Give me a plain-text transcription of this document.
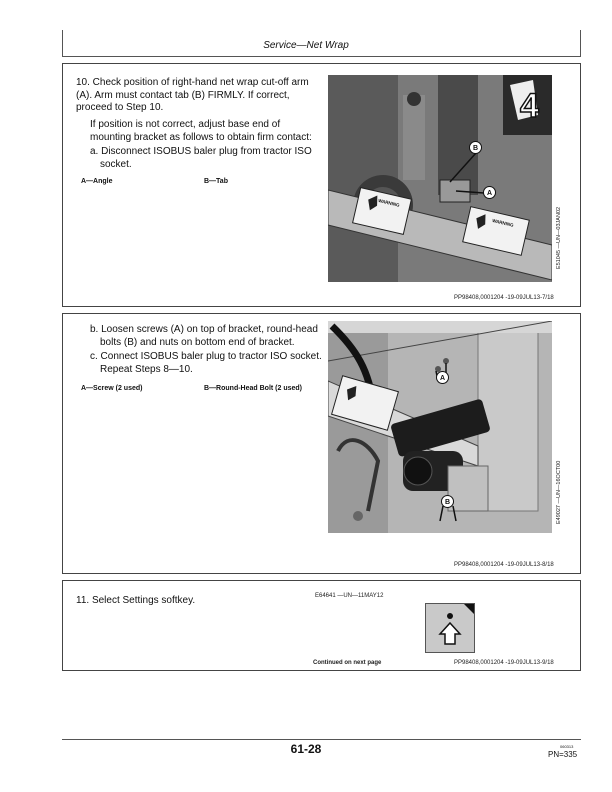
Service—Net Wrap
10. Check position of right-hand net wrap cut-off arm (A). Arm must contact tab (B) FIRMLY. If correct, proceed to Step 10.
If position is not correct, adjust base end of mounting bracket as follows to obtain firm contact:
a. Disconnect ISOBUS baler plug from tractor ISO socket.
A—Angle	B—Tab
4
WARNING
WARNING
B
A
E51045 —UN—03JAN02
PP98408,0001204 -19-09JUL13-7/18
b. Loosen screws (A) on top of bracket, round-head bolts (B) and nuts on bottom end of bracket.
c. Connect ISOBUS baler plug to tractor ISO socket. Repeat Steps 8—10.
A—Screw (2 used)	B—Round-Head Bolt (2 used)
A
B	E49027 —UN—16OCT00
PP98408,0001204 -19-09JUL13-8/18
11. Select Settings softkey.	E64641 —UN—11MAY12
Continued on next page	PP98408,0001204 -19-09JUL13-9/18
61-28	060313
PN=335
